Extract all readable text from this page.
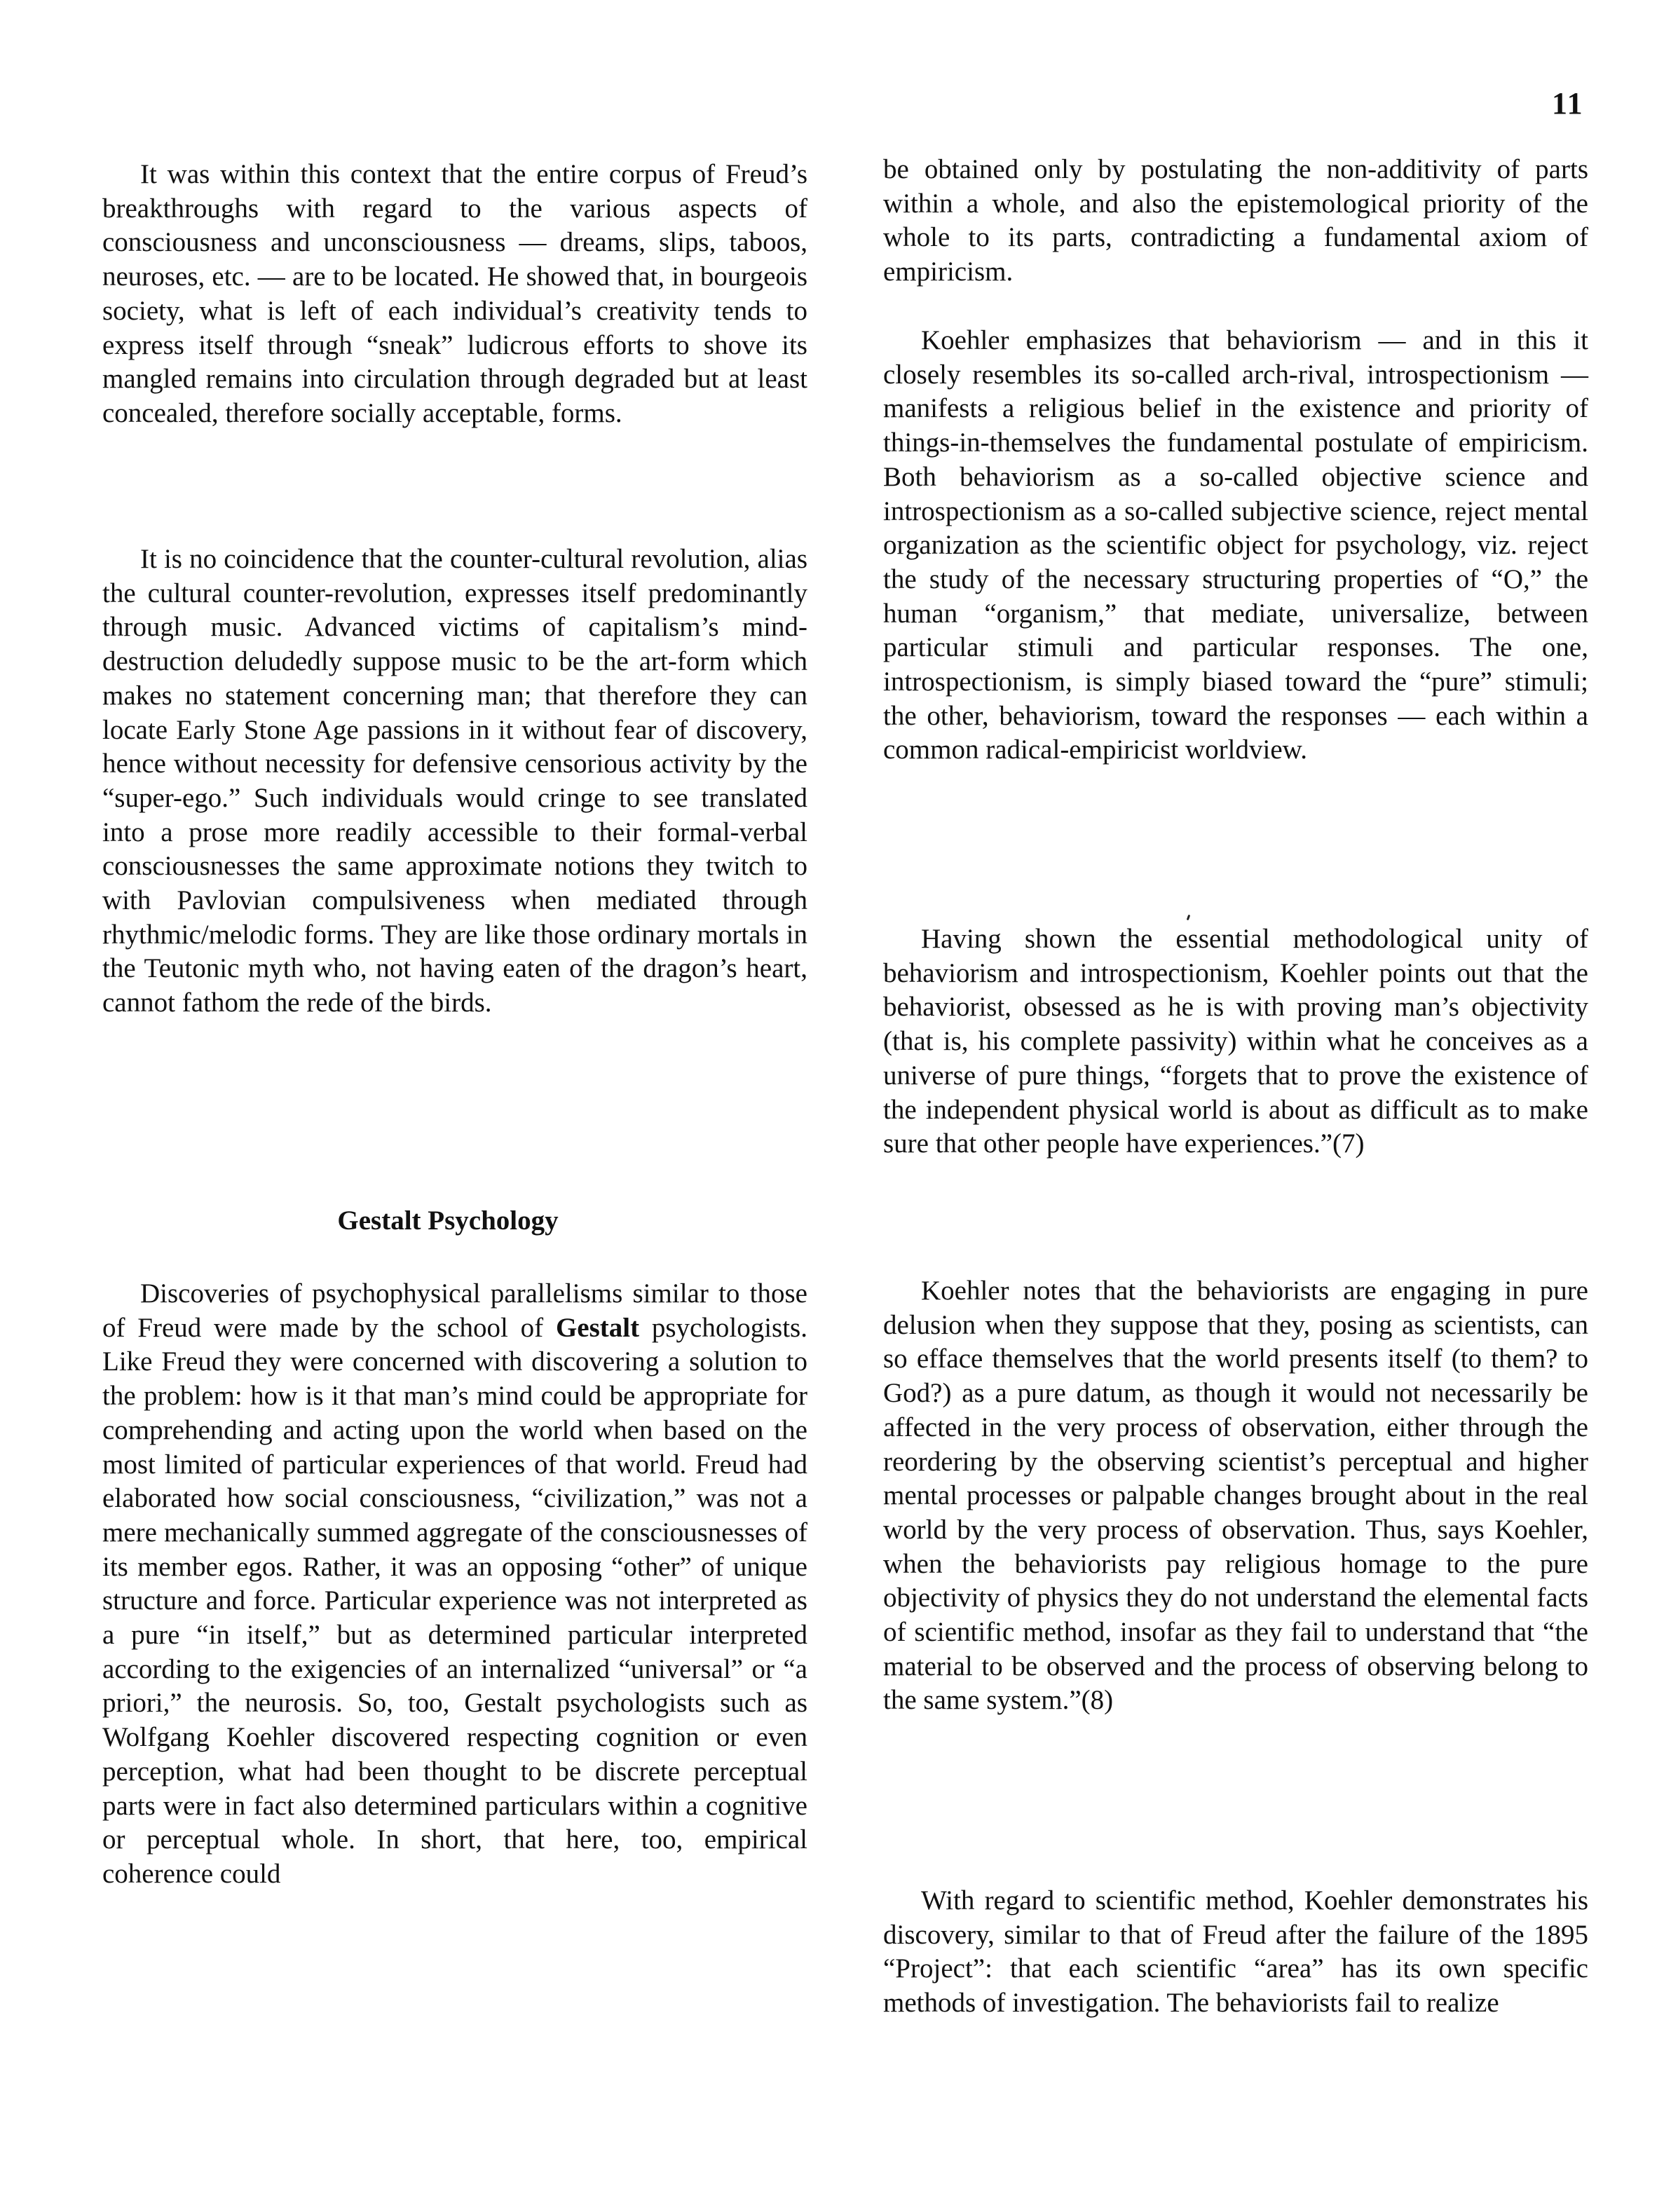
11

It was within this context that the entire corpus of Freud’s breakthroughs with regard to the various aspects of consciousness and unconsciousness — dreams, slips, taboos, neuroses, etc. — are to be located. He showed that, in bourgeois society, what is left of each individual’s creativity tends to express itself through “sneak” ludicrous efforts to shove its mangled remains into circulation through degraded but at least concealed, therefore socially acceptable, forms.

It is no coincidence that the counter-cultural revolution, alias the cultural counter-revolution, expresses itself predominantly through music. Advanced victims of capitalism’s mind-destruction deludedly suppose music to be the art-form which makes no statement concerning man; that therefore they can locate Early Stone Age passions in it without fear of discovery, hence without necessity for defensive censorious activity by the “super-ego.” Such individuals would cringe to see translated into a prose more readily accessible to their formal-verbal consciousnesses the same approximate notions they twitch to with Pavlovian compulsiveness when mediated through rhythmic/melodic forms. They are like those ordinary mortals in the Teutonic myth who, not having eaten of the dragon’s heart, cannot fathom the rede of the birds.

Gestalt Psychology

Discoveries of psychophysical parallelisms similar to those of Freud were made by the school of Gestalt psychologists. Like Freud they were concerned with discovering a solution to the problem: how is it that man’s mind could be appropriate for comprehending and acting upon the world when based on the most limited of particular experiences of that world. Freud had elaborated how social consciousness, “civilization,” was not a mere mechanically summed aggregate of the consciousnesses of its member egos. Rather, it was an opposing “other” of unique structure and force. Particular experience was not interpreted as a pure “in itself,” but as determined particular interpreted according to the exigencies of an internalized “universal” or “a priori,” the neurosis. So, too, Gestalt psychologists such as Wolfgang Koehler discovered respecting cognition or even perception, what had been thought to be discrete perceptual parts were in fact also determined particulars within a cognitive or perceptual whole. In short, that here, too, empirical coherence could

be obtained only by postulating the non-additivity of parts within a whole, and also the epistemological priority of the whole to its parts, contradicting a fundamental axiom of empiricism.

Koehler emphasizes that behaviorism — and in this it closely resembles its so-called arch-rival, introspectionism — manifests a religious belief in the existence and priority of things-in-themselves the fundamental postulate of empiricism. Both behaviorism as a so-called objective science and introspectionism as a so-called subjective science, reject mental organization as the scientific object for psychology, viz. reject the study of the necessary structuring properties of “O,” the human “organism,” that mediate, universalize, between particular stimuli and particular responses. The one, introspectionism, is simply biased toward the “pure” stimuli; the other, behaviorism, toward the responses — each within a common radical-empiricist worldview.

Having shown the essential methodological unity of behaviorism and introspectionism, Koehler points out that the behaviorist, obsessed as he is with proving man’s objectivity (that is, his complete passivity) within what he conceives as a universe of pure things, “forgets that to prove the existence of the independent physical world is about as difficult as to make sure that other people have experiences.”(7)

Koehler notes that the behaviorists are engaging in pure delusion when they suppose that they, posing as scientists, can so efface themselves that the world presents itself (to them? to God?) as a pure datum, as though it would not necessarily be affected in the very process of observation, either through the reordering by the observing scientist’s perceptual and higher mental processes or palpable changes brought about in the real world by the very process of observation. Thus, says Koehler, when the behaviorists pay religious homage to the pure objectivity of physics they do not understand the elemental facts of scientific method, insofar as they fail to understand that “the material to be observed and the process of observing belong to the same system.”(8)

With regard to scientific method, Koehler demonstrates his discovery, similar to that of Freud after the failure of the 1895 “Project”: that each scientific “area” has its own specific methods of investigation. The behaviorists fail to realize
